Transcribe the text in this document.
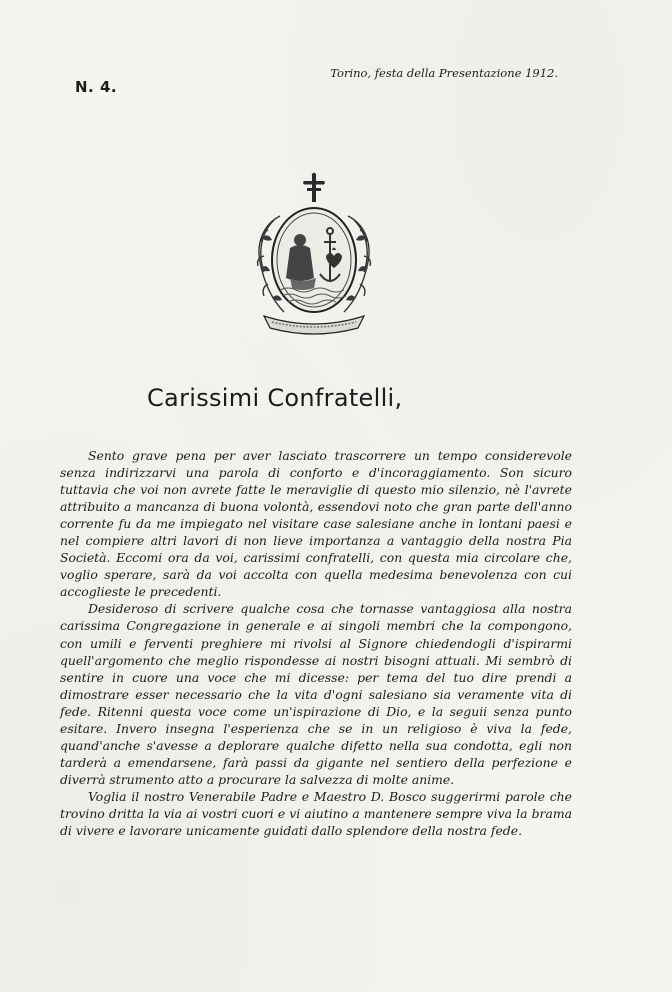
N. 4.
Torino, festa della Presentazione 1912.
Carissimi Confratelli,

Sento grave pena per aver lasciato trascorrere un tempo considerevole senza indirizzarvi una parola di conforto e d'incoraggiamento. Son sicuro tuttavia che voi non avrete fatte le meraviglie di questo mio silenzio, nè l'avrete attribuito a mancanza di buona volontà, essendovi noto che gran parte dell'anno corrente fu da me impiegato nel visitare case salesiane anche in lontani paesi e nel compiere altri lavori di non lieve importanza a vantaggio della nostra Pia Società. Eccomi ora da voi, carissimi confratelli, con questa mia circolare che, voglio sperare, sarà da voi accolta con quella medesima benevolenza con cui accoglieste le precedenti.

Desideroso di scrivere qualche cosa che tornasse vantaggiosa alla nostra carissima Congregazione in generale e ai singoli membri che la compongono, con umili e ferventi preghiere mi rivolsi al Signore chiedendogli d'ispirarmi quell'argomento che meglio rispondesse ai nostri bisogni attuali. Mi sembrò di sentire in cuore una voce che mi dicesse: per tema del tuo dire prendi a dimostrare esser necessario che la vita d'ogni salesiano sia veramente vita di fede. Ritenni questa voce come un'ispirazione di Dio, e la seguii senza punto esitare. Invero insegna l'esperienza che se in un religioso è viva la fede, quand'anche s'avesse a deplorare qualche difetto nella sua condotta, egli non tarderà a emendarsene, farà passi da gigante nel sentiero della perfezione e diverrà strumento atto a procurare la salvezza di molte anime.

Voglia il nostro Venerabile Padre e Maestro D. Bosco suggerirmi parole che trovino dritta la via ai vostri cuori e vi aiutino a mantenere sempre viva la brama di vivere e lavorare unicamente guidati dallo splendore della nostra fede.
